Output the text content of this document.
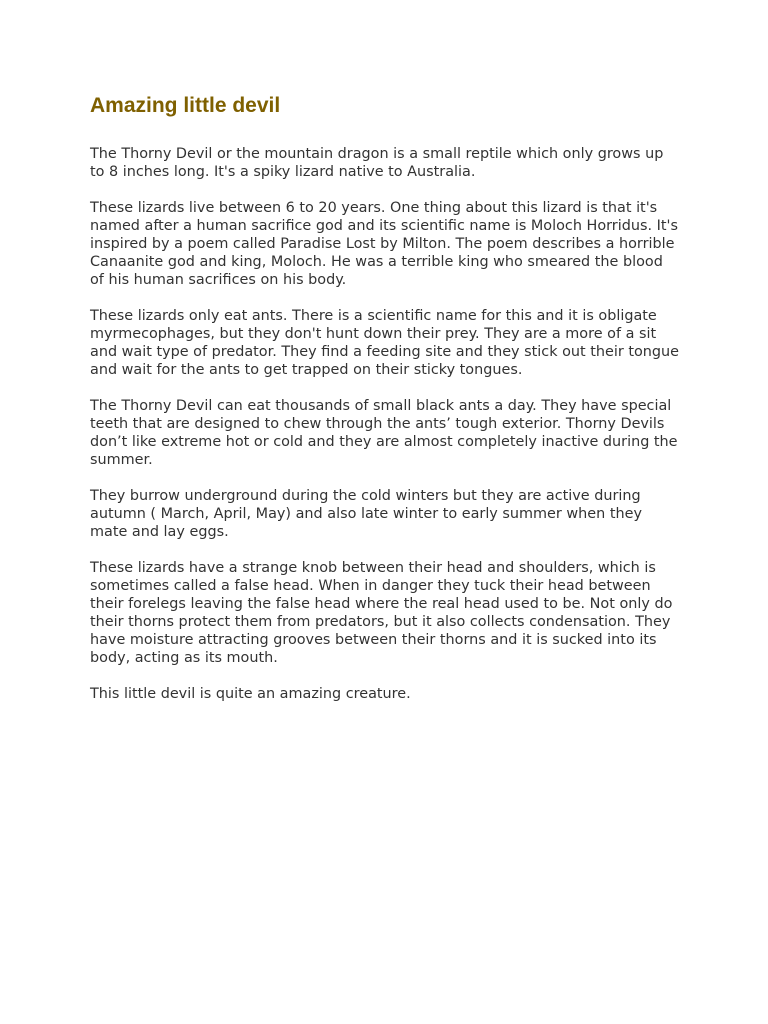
Amazing little devil

The Thorny Devil or the mountain dragon is a small reptile which only grows up to 8 inches long. It's a spiky lizard native to Australia.

These lizards live between 6 to 20 years. One thing about this lizard is that it's named after a human sacrifice god and its scientific name is Moloch Horridus. It's inspired by a poem called Paradise Lost by Milton. The poem describes a horrible Canaanite god and king, Moloch. He was a terrible king who smeared the blood of his human sacrifices on his body.

These lizards only eat ants. There is a scientific name for this and it is obligate myrmecophages, but they don't hunt down their prey. They are a more of a sit and wait type of predator. They find a feeding site and they stick out their tongue and wait for the ants to get trapped on their sticky tongues.

The Thorny Devil can eat thousands of small black ants a day. They have special teeth that are designed to chew through the ants’ tough exterior. Thorny Devils don’t like extreme hot or cold and they are almost completely inactive during the summer.

They burrow underground during the cold winters but they are active during autumn ( March, April, May) and also late winter to early summer when they mate and lay eggs.

These lizards have a strange knob between their head and shoulders, which is sometimes called a false head. When in danger they tuck their head between their forelegs leaving the false head where the real head used to be. Not only do their thorns protect them from predators, but it also collects condensation. They have moisture attracting grooves between their thorns and it is sucked into its body, acting as its mouth.

This little devil is quite an amazing creature.
